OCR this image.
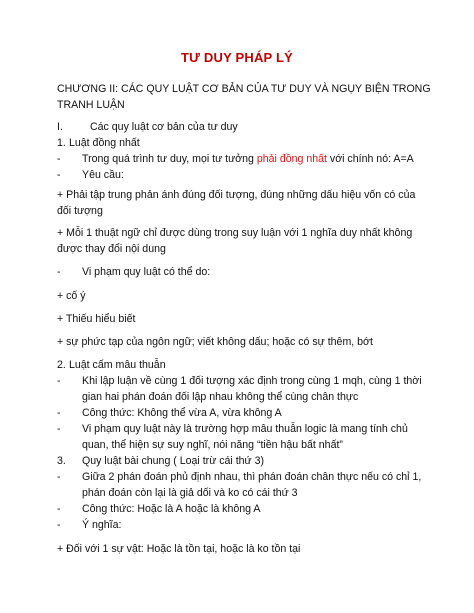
TƯ DUY PHÁP LÝ
CHƯƠNG II: CÁC QUY LUẬT CƠ BẢN CỦA TƯ DUY VÀ NGỤY BIỆN TRONG
TRANH LUẬN
I.	Các quy luật cơ bản của tư duy
1. Luật đồng nhất
- Trong quá trình tư duy, mọi tư tưởng phải đồng nhất với chính nó: A=A
- Yêu cầu:
+ Phải tập trung phản ánh đúng đối tượng, đúng những dấu hiệu vốn có của
đối tượng
+ Mỗi 1 thuật ngữ chỉ được dùng trong suy luận với 1 nghĩa duy nhất không
được thay đổi nội dung
- Vi phạm quy luật có thể do:
+ cố ý
+ Thiếu hiểu biết
+ sự phức tạp của ngôn ngữ; viết không dấu; hoặc có sự thêm, bớt
2. Luật cấm mâu thuẫn
- Khi lập luận về cùng 1 đối tượng xác định trong cùng 1 mqh, cùng 1 thời
gian hai phán đoán đối lập nhau không thể cùng chân thực
- Công thức: Không thể vừa A, vừa không A
- Vi phạm quy luật này là trường hợp mâu thuẫn logic là mang tính chủ
quan, thể hiện sự suy nghĩ, nói năng “tiền hậu bất nhất”
3. Quy luật bài chung ( Loại trừ cái thứ 3)
- Giữa 2 phán đoán phủ định nhau, thì phán đoán chân thực nếu có chỉ 1,
phán đoán còn lại là giả dối và ko có cái thứ 3
- Công thức: Hoặc là A hoặc là không A
- Ý nghĩa:
+ Đối với 1 sự vật: Hoặc là tồn tại, hoặc là ko tồn tại
